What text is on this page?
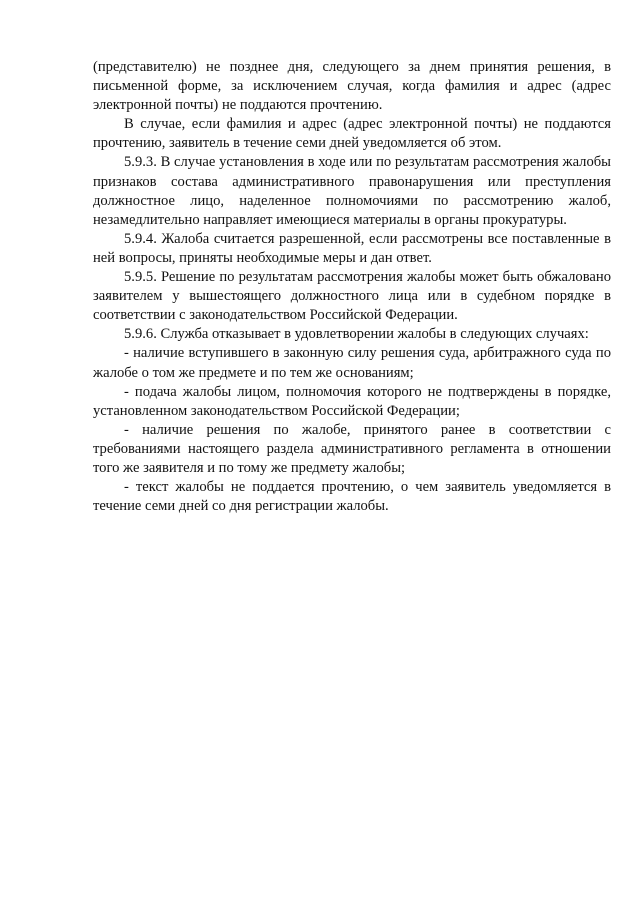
(представителю) не позднее дня, следующего за днем принятия решения, в письменной форме, за исключением случая, когда фамилия и адрес (адрес электронной почты) не поддаются прочтению.

В случае, если фамилия и адрес (адрес электронной почты) не поддаются прочтению, заявитель в течение семи дней уведомляется об этом.

5.9.3. В случае установления в ходе или по результатам рассмотрения жалобы признаков состава административного правонарушения или преступления должностное лицо, наделенное полномочиями по рассмотрению жалоб, незамедлительно направляет имеющиеся материалы в органы прокуратуры.

5.9.4. Жалоба считается разрешенной, если рассмотрены все поставленные в ней вопросы, приняты необходимые меры и дан ответ.

5.9.5. Решение по результатам рассмотрения жалобы может быть обжаловано заявителем у вышестоящего должностного лица или в судебном порядке в соответствии с законодательством Российской Федерации.

5.9.6. Служба отказывает в удовлетворении жалобы в следующих случаях:

- наличие вступившего в законную силу решения суда, арбитражного суда по жалобе о том же предмете и по тем же основаниям;

- подача жалобы лицом, полномочия которого не подтверждены в порядке, установленном законодательством Российской Федерации;

- наличие решения по жалобе, принятого ранее в соответствии с требованиями настоящего раздела административного регламента в отношении того же заявителя и по тому же предмету жалобы;

- текст жалобы не поддается прочтению, о чем заявитель уведомляется в течение семи дней со дня регистрации жалобы.
